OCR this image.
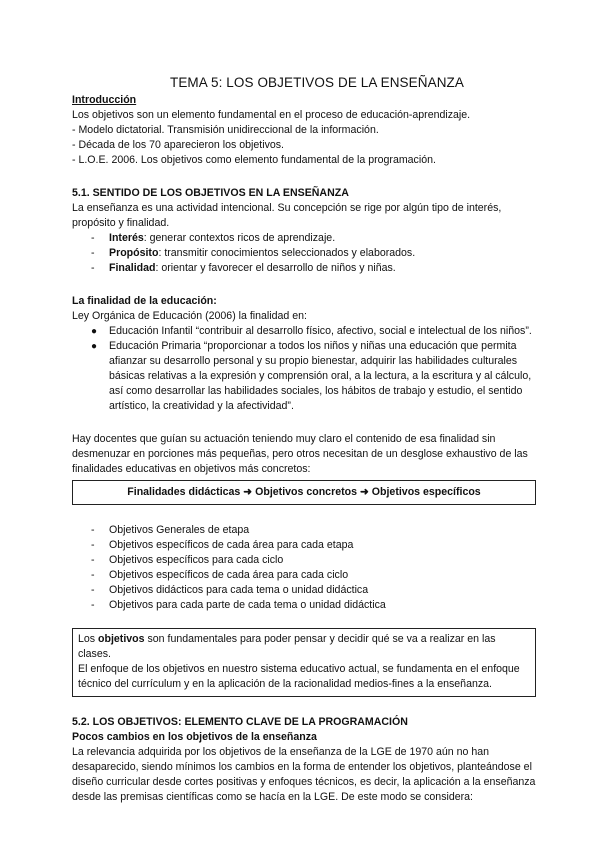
TEMA 5: LOS OBJETIVOS DE LA ENSEÑANZA

Introducción

Los objetivos son un elemento fundamental en el proceso de educación-aprendizaje.

- Modelo dictatorial. Transmisión unidireccional de la información.

- Década de los 70 aparecieron los objetivos.

- L.O.E. 2006. Los objetivos como elemento fundamental de la programación.

5.1. SENTIDO DE LOS OBJETIVOS EN LA ENSEÑANZA

La enseñanza es una actividad intencional. Su concepción se rige por algún tipo de interés,

propósito y finalidad.

- Interés: generar contextos ricos de aprendizaje.
- Propósito: transmitir conocimientos seleccionados y elaborados.
- Finalidad: orientar y favorecer el desarrollo de niños y niñas.

La finalidad de la educación:

Ley Orgánica de Educación (2006) la finalidad en:

● Educación Infantil “contribuir al desarrollo físico, afectivo, social e intelectual de los niños”.
● Educación Primaria “proporcionar a todos los niños y niñas una educación que permita
afianzar su desarrollo personal y su propio bienestar, adquirir las habilidades culturales
básicas relativas a la expresión y comprensión oral, a la lectura, a la escritura y al cálculo,
así como desarrollar las habilidades sociales, los hábitos de trabajo y estudio, el sentido
artístico, la creatividad y la afectividad”.

Hay docentes que guían su actuación teniendo muy claro el contenido de esa finalidad sin

desmenuzar en porciones más pequeñas, pero otros necesitan de un desglose exhaustivo de las

finalidades educativas en objetivos más concretos:

Finalidades didácticas ➜ Objetivos concretos ➜ Objetivos específicos
- Objetivos Generales de etapa
- Objetivos específicos de cada área para cada etapa
- Objetivos específicos para cada ciclo
- Objetivos específicos de cada área para cada ciclo
- Objetivos didácticos para cada tema o unidad didáctica
- Objetivos para cada parte de cada tema o unidad didáctica
Los objetivos son fundamentales para poder pensar y decidir qué se va a realizar en las clases.
El enfoque de los objetivos en nuestro sistema educativo actual, se fundamenta en el enfoque
técnico del currículum y en la aplicación de la racionalidad medios-fines a la enseñanza.

5.2. LOS OBJETIVOS: ELEMENTO CLAVE DE LA PROGRAMACIÓN

Pocos cambios en los objetivos de la enseñanza

La relevancia adquirida por los objetivos de la enseñanza de la LGE de 1970 aún no han

desaparecido, siendo mínimos los cambios en la forma de entender los objetivos, planteándose el

diseño curricular desde cortes positivas y enfoques técnicos, es decir, la aplicación a la enseñanza

desde las premisas científicas como se hacía en la LGE. De este modo se considera:
